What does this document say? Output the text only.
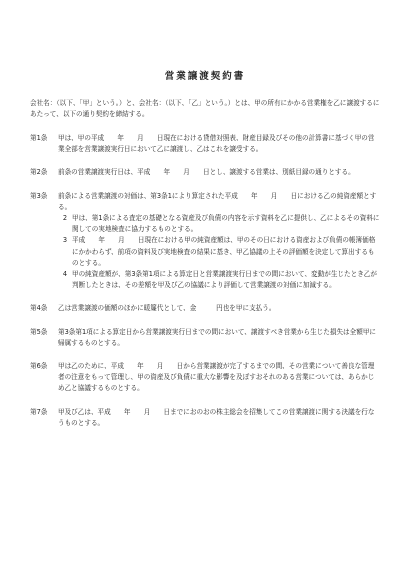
営業譲渡契約書
会社名：（以下、「甲」という。）と、会社名：（以下、「乙」という。）とは、甲の所有にかかる営業権を乙に譲渡するにあたって、以下の通り契約を締結する。
第1条	甲は、甲の平成　　年　　月　　日現在における貸借対照表、財産目録及びその他の計算書に基づく甲の営業全部を営業譲渡実行日において乙に譲渡し、乙はこれを譲受する。
第2条	前条の営業譲渡実行日は、平成　　年　　月　　日とし、譲渡する営業は、別紙目録の通りとする。
第3条	前条による営業譲渡の対価は、第3条1により算定された平成　　年　　月　　日における乙の純資産額とする。
2 甲は、第1条による査定の基礎となる資産及び負債の内容を示す資料を乙に提供し、乙によるその資料に関しての実地検査に協力するものとする。
3 平成　　年　　月　　日現在における甲の純資産額は、甲のその日における資産および負債の帳簿価格にかかわらず、前項の資料及び実地検査の結果に基き、甲乙協議の上その評価額を決定して算出するものとする。
4 甲の純資産額が、第3条第1項による算定日と営業譲渡実行日までの間において、変動が生じたとき乙が判断したときは、その差額を甲及び乙の協議により評価して営業譲渡の対価に加減する。
第4条	乙は営業譲渡の価額のほかに暖簾代として、金　　　円也を甲に支払う。
第5条	第3条第1項による算定日から営業譲渡実行日までの間において、譲渡すべき営業から生じた損失は全額甲に帰属するものとする。
第6条	甲は乙のために、平成　　年　　月　　日から営業譲渡が完了するまでの間、その営業について善良な管理者の注意をもって管理し、甲の資産及び負債に重大な影響を及ぼすおそれのある営業については、あらかじめ乙と協議するものとする。
第7条	甲及び乙は、平成　　年　　月　　日までにおのおの株主総会を招集してこの営業譲渡に関する決議を行なうものとする。
